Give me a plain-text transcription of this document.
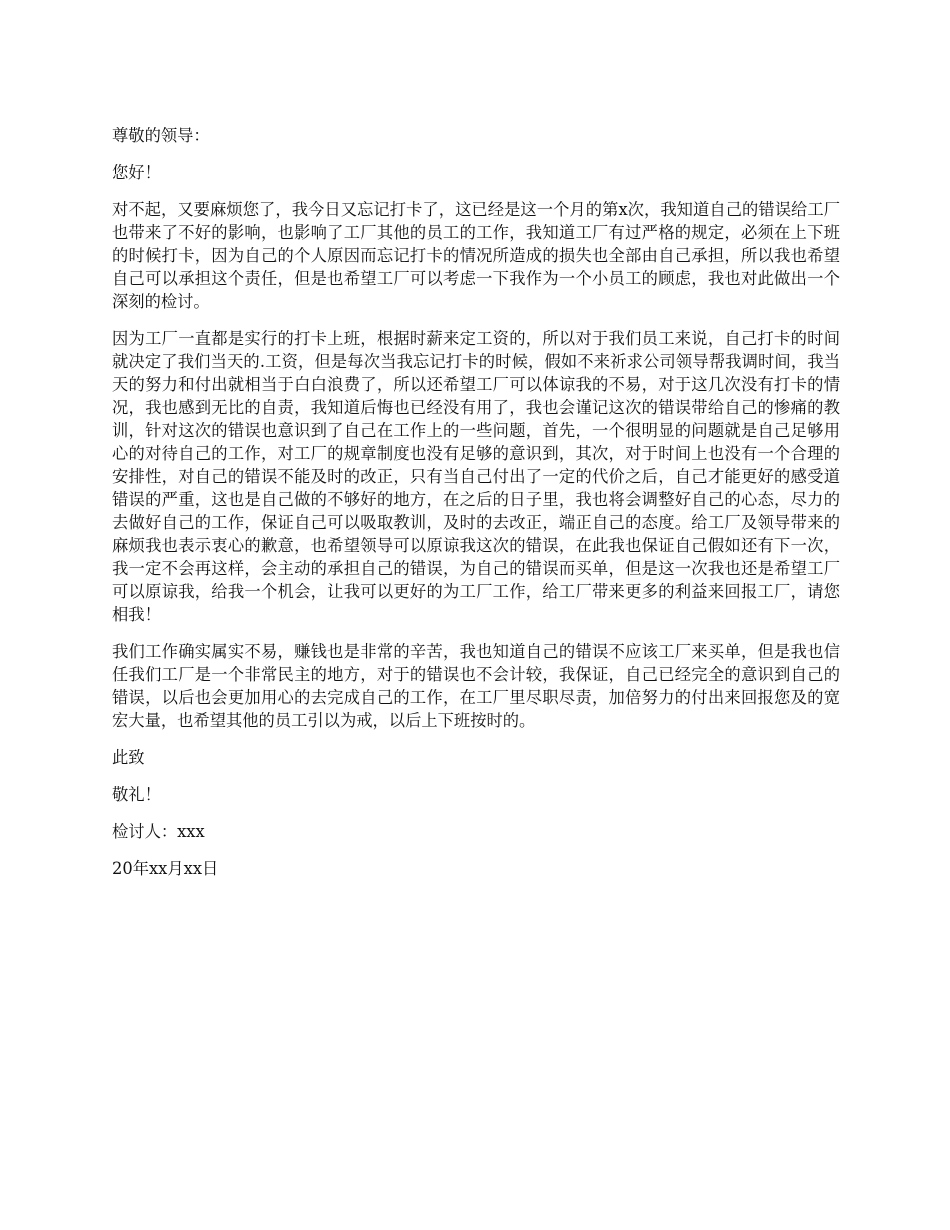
尊敬的领导：

您好！

对不起，又要麻烦您了，我今日又忘记打卡了，这已经是这一个月的第x次，我知道自己的错误给工厂也带来了不好的影响，也影响了工厂其他的员工的工作，我知道工厂有过严格的规定，必须在上下班的时候打卡，因为自己的个人原因而忘记打卡的情况所造成的损失也全部由自己承担，所以我也希望自己可以承担这个责任，但是也希望工厂可以考虑一下我作为一个小员工的顾虑，我也对此做出一个深刻的检讨。

因为工厂一直都是实行的打卡上班，根据时薪来定工资的，所以对于我们员工来说，自己打卡的时间就决定了我们当天的.工资，但是每次当我忘记打卡的时候，假如不来祈求公司领导帮我调时间，我当天的努力和付出就相当于白白浪费了，所以还希望工厂可以体谅我的不易，对于这几次没有打卡的情况，我也感到无比的自责，我知道后悔也已经没有用了，我也会谨记这次的错误带给自己的惨痛的教训，针对这次的错误也意识到了自己在工作上的一些问题，首先，一个很明显的问题就是自己足够用心的对待自己的工作，对工厂的规章制度也没有足够的意识到，其次，对于时间上也没有一个合理的安排性，对自己的错误不能及时的改正，只有当自己付出了一定的代价之后，自己才能更好的感受道错误的严重，这也是自己做的不够好的地方，在之后的日子里，我也将会调整好自己的心态，尽力的去做好自己的工作，保证自己可以吸取教训，及时的去改正，端正自己的态度。给工厂及领导带来的麻烦我也表示衷心的歉意，也希望领导可以原谅我这次的错误，在此我也保证自己假如还有下一次，我一定不会再这样，会主动的承担自己的错误，为自己的错误而买单，但是这一次我也还是希望工厂可以原谅我，给我一个机会，让我可以更好的为工厂工作，给工厂带来更多的利益来回报工厂，请您相我！

我们工作确实属实不易，赚钱也是非常的辛苦，我也知道自己的错误不应该工厂来买单，但是我也信任我们工厂是一个非常民主的地方，对于的错误也不会计较，我保证，自己已经完全的意识到自己的错误，以后也会更加用心的去完成自己的工作，在工厂里尽职尽责，加倍努力的付出来回报您及的宽宏大量，也希望其他的员工引以为戒，以后上下班按时的。

此致

敬礼！

检讨人：xxx

20年xx月xx日
